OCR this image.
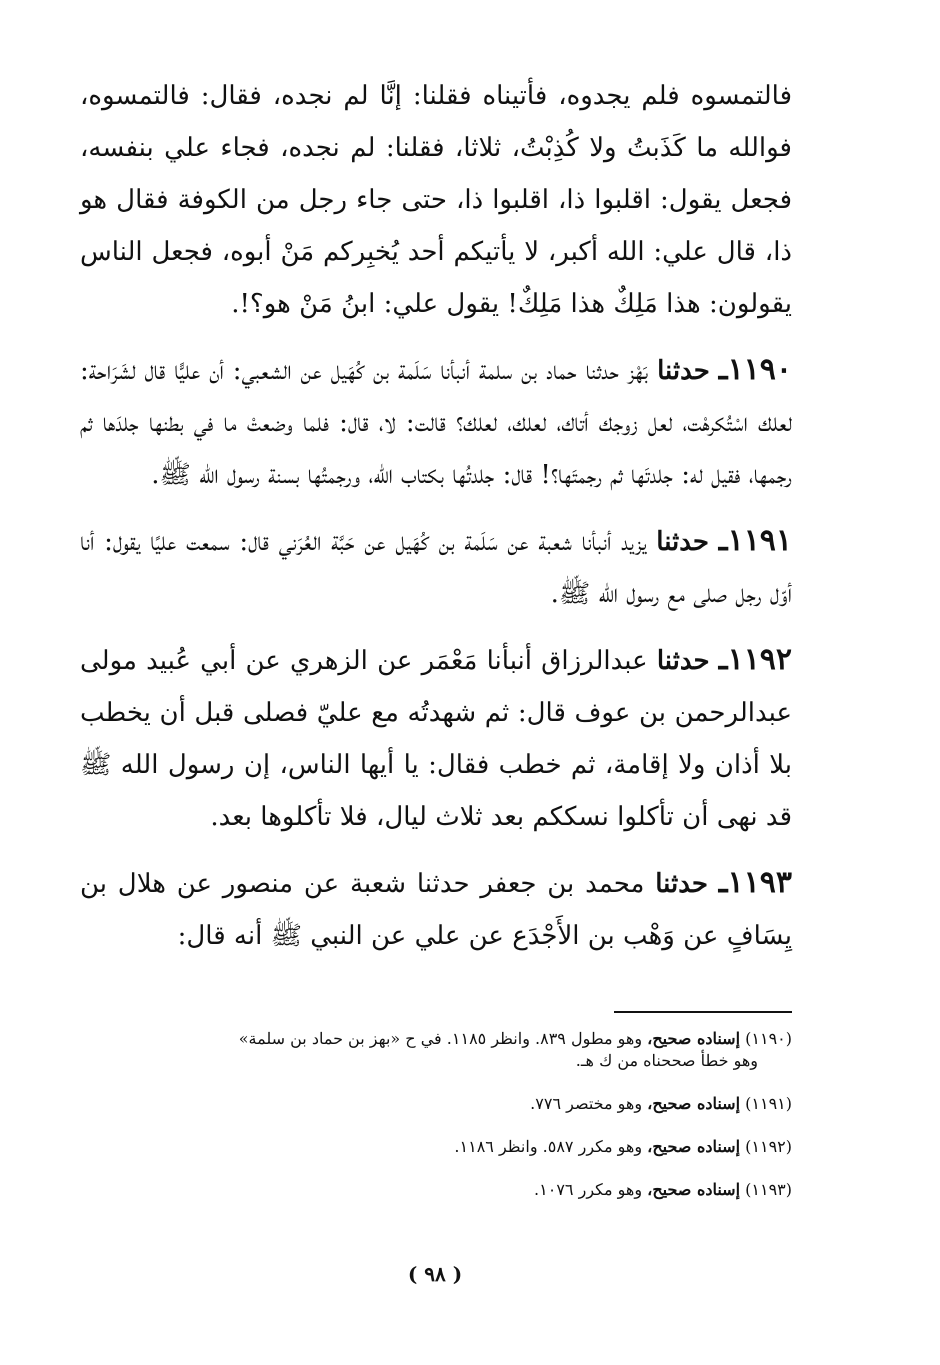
فالتمسوه فلم يجدوه، فأتيناه فقلنا: إنَّا لم نجده، فقال: فالتمسوه، فوالله ما كَذَبتُ ولا كُذِبْتُ، ثلاثا، فقلنا: لم نجده، فجاء علي بنفسه، فجعل يقول: اقلبوا ذا، اقلبوا ذا، حتى جاء رجل من الكوفة فقال هو ذا، قال علي: الله أكبر، لا يأتيكم أحد يُخبِركم مَنْ أبوه، فجعل الناس يقولون: هذا مَلِكٌ هذا مَلِكٌ! يقول علي: ابنُ مَنْ هو؟!.

١١٩٠ـ حدثنا بَهْز حدثنا حماد بن سلمة أنبأنا سَلَمة بن كُهَيل عن الشعبي: أن عليًّا قال لشَرَاحة: لعلك اسْتُكرهْت، لعل زوجك أتاك، لعلك، لعلك؟ قالت: لا، قال: فلما وضعتْ ما في بطنها جلدَها ثم رجمها، فقيل له: جلدتَها ثم رجمتَها؟! قال: جلدتُها بكتاب الله، ورجمتُها بسنة رسول الله ﷺ.

١١٩١ـ حدثنا يزيد أنبأنا شعبة عن سَلَمة بن كُهَيل عن حَبَّة العُرَني قال: سمعت عليًا يقول: أنا أوّل رجل صلى مع رسول الله ﷺ.

١١٩٢ـ حدثنا عبدالرزاق أنبأنا مَعْمَر عن الزهري عن أبي عُبيد مولى عبدالرحمن بن عوف قال: ثم شهدتُه مع عليّ فصلى قبل أن يخطب بلا أذان ولا إقامة، ثم خطب فقال: يا أيها الناس، إن رسول الله ﷺ قد نهى أن تأكلوا نسككم بعد ثلاث ليال، فلا تأكلوها بعد.

١١٩٣ـ حدثنا محمد بن جعفر حدثنا شعبة عن منصور عن هلال بن يِسَافٍ عن وَهْب بن الأَجْدَع عن علي عن النبي ﷺ أنه قال:

(١١٩٠) إسناده صحيح، وهو مطول ٨٣٩. وانظر ١١٨٥. في ح «بهز بن حماد بن سلمة»
وهو خطأ صححناه من ك هـ.
(١١٩١) إسناده صحيح، وهو مختصر ٧٧٦.
(١١٩٢) إسناده صحيح، وهو مكرر ٥٨٧. وانظر ١١٨٦.
(١١٩٣) إسناده صحيح، وهو مكرر ١٠٧٦.
( ٩٨ )
